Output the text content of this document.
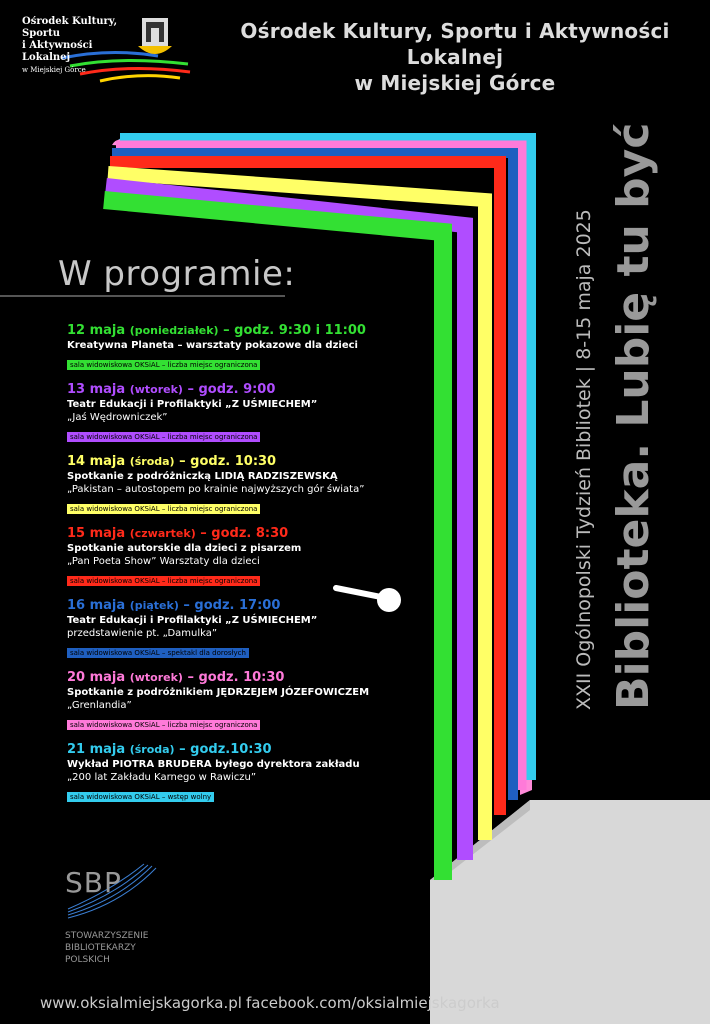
Ośrodek Kultury, Sportu
i Aktywności Lokalnej
w Miejskiej Górce
Ośrodek Kultury, Sportu i Aktywności Lokalnej
w Miejskiej Górce
W programie:
12 maja (poniedziałek) – godz. 9:30 i 11:00
Kreatywna Planeta – warsztaty pokazowe dla dzieci
sala widowiskowa OKSiAL – liczba miejsc ograniczona
13 maja (wtorek) – godz. 9:00
Teatr Edukacji i Profilaktyki „Z UŚMIECHEM”
„Jaś Wędrowniczek”
sala widowiskowa OKSiAL – liczba miejsc ograniczona
14 maja (środa) – godz. 10:30
Spotkanie z podróżniczką LIDIĄ RADZISZEWSKĄ
„Pakistan – autostopem po krainie najwyższych gór świata”
sala widowiskowa OKSiAL – liczba miejsc ograniczona
15 maja (czwartek) – godz. 8:30
Spotkanie autorskie dla dzieci z pisarzem
„Pan Poeta Show” Warsztaty dla dzieci
sala widowiskowa OKSiAL – liczba miejsc ograniczona
16 maja (piątek) – godz. 17:00
Teatr Edukacji i Profilaktyki „Z UŚMIECHEM”
przedstawienie pt. „Damulka”
sala widowiskowa OKSiAL – spektakl dla dorosłych
20 maja (wtorek) – godz. 10:30
Spotkanie z podróżnikiem JĘDRZEJEM JÓZEFOWICZEM
„Grenlandia”
sala widowiskowa OKSiAL – liczba miejsc ograniczona
21 maja (środa) – godz.10:30
Wykład PIOTRA BRUDERA byłego dyrektora zakładu
„200 lat Zakładu Karnego w Rawiczu”
sala widowiskowa OKSiAL – wstęp wolny
XXII Ogólnopolski Tydzień Bibliotek | 8-15 maja 2025 Biblioteka. Lubię tu być
SBP
STOWARZYSZENIE
BIBLIOTEKARZY
POLSKICH
www.oksialmiejskagorka.pl facebook.com/oksialmiejskagorka
